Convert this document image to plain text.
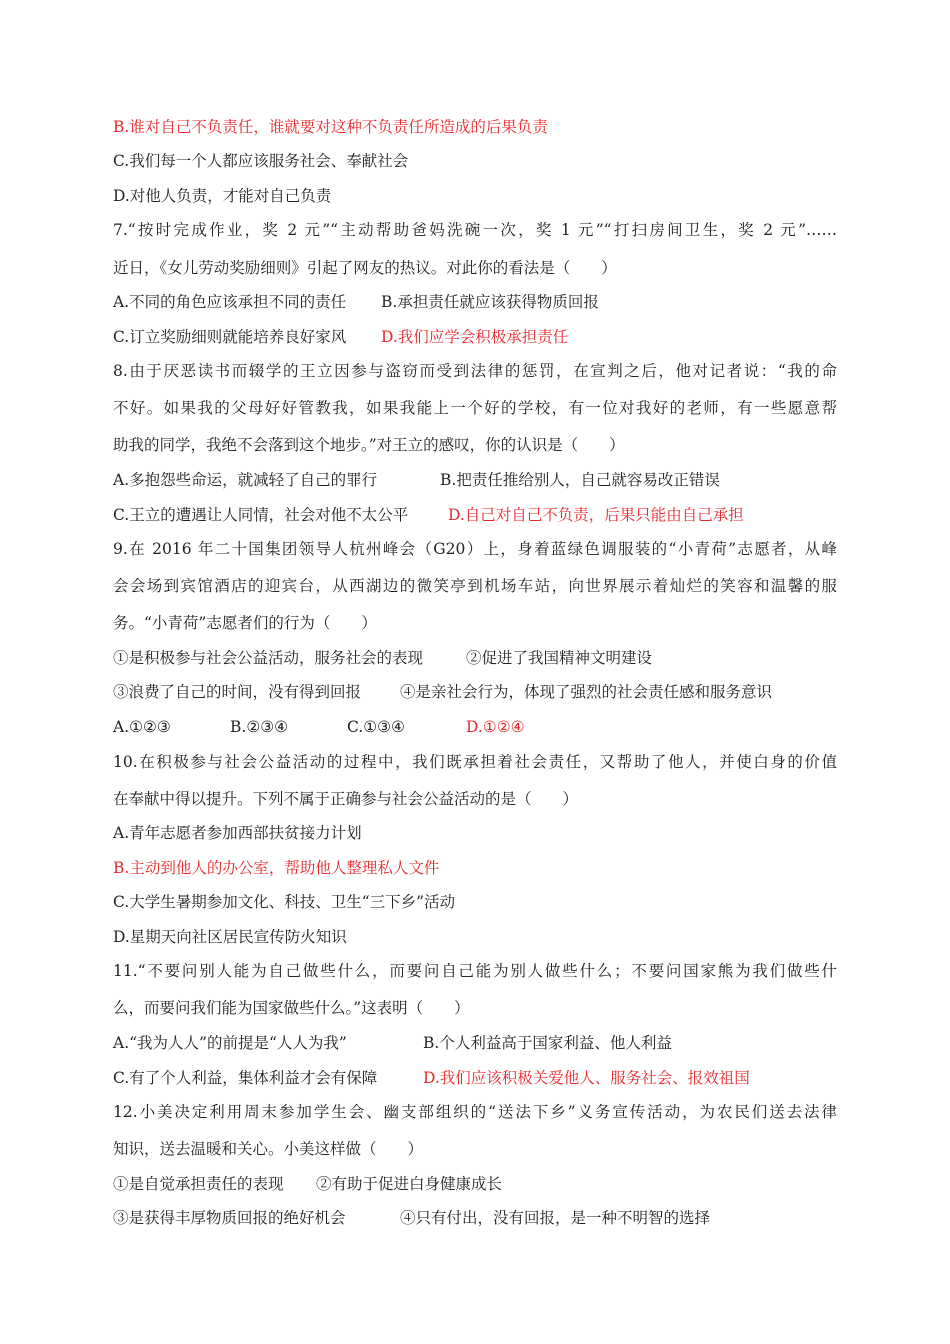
B.谁对自己不负责任，谁就要对这种不负责任所造成的后果负责
C.我们每一个人都应该服务社会、奉献社会
D.对他人负责，才能对自己负责
7.“按时完成作业，奖 2 元”“主动帮助爸妈洗碗一次，奖 1 元”“打扫房间卫生，奖 2 元”……
近日，《女儿劳动奖励细则》引起了网友的热议。对此你的看法是（　　）
A.不同的角色应该承担不同的责任 B.承担责任就应该获得物质回报
C.订立奖励细则就能培养良好家风 D.我们应学会积极承担责任
8.由于厌恶读书而辍学的王立因参与盗窃而受到法律的惩罚，在宣判之后，他对记者说：“我的命
不好。如果我的父母好好管教我，如果我能上一个好的学校，有一位对我好的老师，有一些愿意帮
助我的同学，我绝不会落到这个地步。”对王立的感叹，你的认识是（　　）
A.多抱怨些命运，就减轻了自己的罪行	B.把责任推给别人，自己就容易改正错误
C.王立的遭遇让人同情，社会对他不太公平	D.自己对自己不负责，后果只能由自己承担
9.在 2016 年二十国集团领导人杭州峰会（G20）上，身着蓝绿色调服装的“小青荷”志愿者，从峰
会会场到宾馆酒店的迎宾台，从西湖边的微笑亭到机场车站，向世界展示着灿烂的笑容和温馨的服
务。“小青荷”志愿者们的行为（　　）
①是积极参与社会公益活动，服务社会的表现	②促进了我国精神文明建设
③浪费了自己的时间，没有得到回报	④是亲社会行为，体现了强烈的社会责任感和服务意识
A.①②③	B.②③④	C.①③④	D.①②④
10.在积极参与社会公益活动的过程中，我们既承担着社会责任，又帮助了他人，并使白身的价值
在奉献中得以提升。下列不属于正确参与社会公益活动的是（　　）
A.青年志愿者参加西部扶贫接力计划
B.主动到他人的办公室，帮助他人整理私人文件
C.大学生暑期参加文化、科技、卫生“三下乡”活动
D.星期天向社区居民宣传防火知识
11.“不要问别人能为自己做些什么，而要问自己能为别人做些什么；不要问国家熊为我们做些什
么，而要问我们能为国家做些什么。”这表明（　　）
A.“我为人人”的前提是“人人为我”	B.个人利益高于国家利益、他人利益
C.有了个人利益，集体利益才会有保障	D.我们应该积极关爱他人、服务社会、报效祖国
12.小美决定利用周末参加学生会、幽支部组织的“送法下乡”义务宣传活动，为农民们送去法律
知识，送去温暖和关心。小美这样做（　　）
①是自觉承担责任的表现 ②有助于促进白身健康成长
③是获得丰厚物质回报的绝好机会	④只有付出，没有回报，是一种不明智的选择
